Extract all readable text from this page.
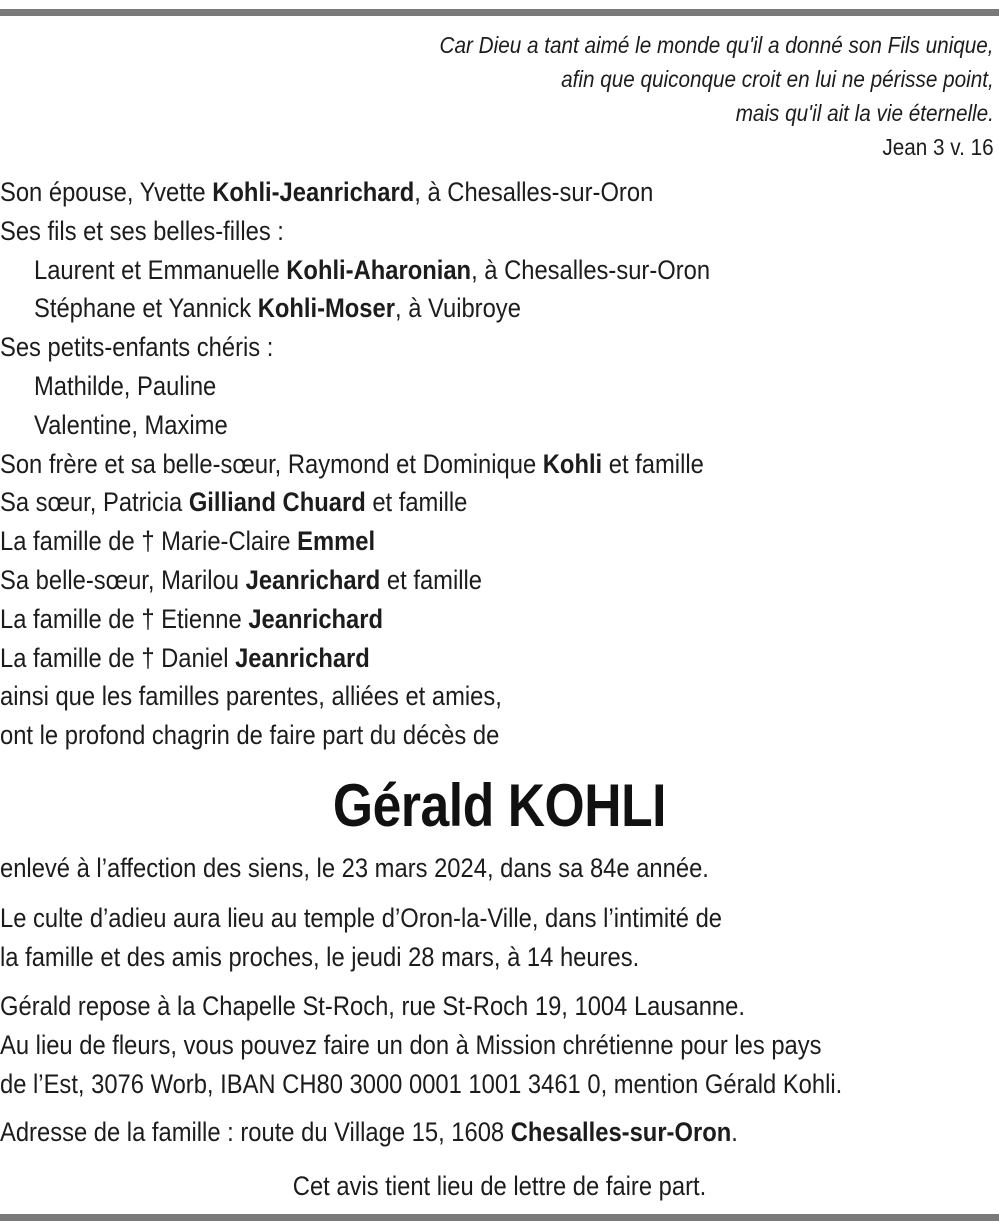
Car Dieu a tant aimé le monde qu'il a donné son Fils unique,
afin que quiconque croit en lui ne périsse point,
mais qu'il ait la vie éternelle.
Jean 3 v. 16
Son épouse, Yvette Kohli-Jeanrichard, à Chesalles-sur-Oron
Ses fils et ses belles-filles :
Laurent et Emmanuelle Kohli-Aharonian, à Chesalles-sur-Oron
Stéphane et Yannick Kohli-Moser, à Vuibroye
Ses petits-enfants chéris :
Mathilde, Pauline
Valentine, Maxime
Son frère et sa belle-sœur, Raymond et Dominique Kohli et famille
Sa sœur, Patricia Gilliand Chuard et famille
La famille de † Marie-Claire Emmel
Sa belle-sœur, Marilou Jeanrichard et famille
La famille de † Etienne Jeanrichard
La famille de † Daniel Jeanrichard
ainsi que les familles parentes, alliées et amies,
ont le profond chagrin de faire part du décès de
Gérald KOHLI
enlevé à l’affection des siens, le 23 mars 2024, dans sa 84e année.
Le culte d’adieu aura lieu au temple d’Oron-la-Ville, dans l’intimité de
la famille et des amis proches, le jeudi 28 mars, à 14 heures.
Gérald repose à la Chapelle St-Roch, rue St-Roch 19, 1004 Lausanne.
Au lieu de fleurs, vous pouvez faire un don à Mission chrétienne pour les pays
de l’Est, 3076 Worb, IBAN CH80 3000 0001 1001 3461 0, mention Gérald Kohli.
Adresse de la famille : route du Village 15, 1608 Chesalles-sur-Oron.
Cet avis tient lieu de lettre de faire part.
